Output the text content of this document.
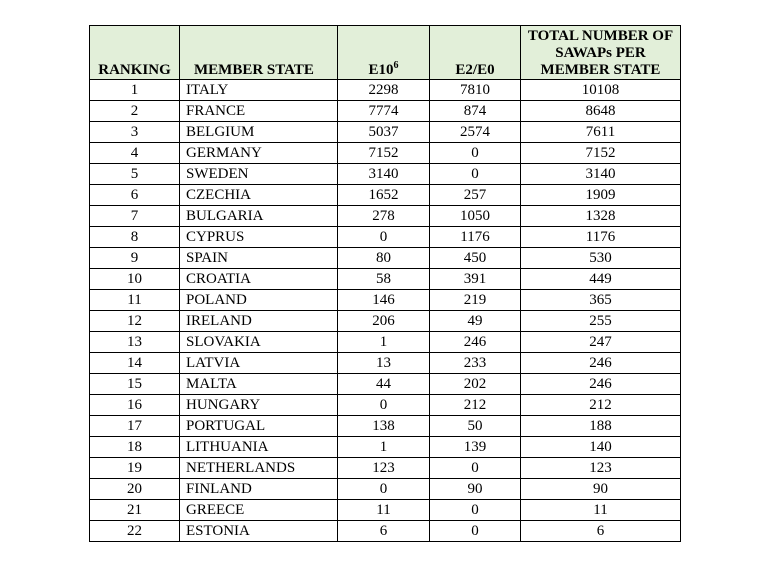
RANKING	MEMBER STATE	$E10^6$	E2/E0	TOTAL NUMBER OF SAWAPs PER MEMBER STATE
1	ITALY	2298	7810	10108
2	FRANCE	7774	874	8648
3	BELGIUM	5037	2574	7611
4	GERMANY	7152	0	7152
5	SWEDEN	3140	0	3140
6	CZECHIA	1652	257	1909
7	BULGARIA	278	1050	1328
8	CYPRUS	0	1176	1176
9	SPAIN	80	450	530
10	CROATIA	58	391	449
11	POLAND	146	219	365
12	IRELAND	206	49	255
13	SLOVAKIA	1	246	247
14	LATVIA	13	233	246
15	MALTA	44	202	246
16	HUNGARY	0	212	212
17	PORTUGAL	138	50	188
18	LITHUANIA	1	139	140
19	NETHERLANDS	123	0	123
20	FINLAND	0	90	90
21	GREECE	11	0	11
22	ESTONIA	6	0	6
